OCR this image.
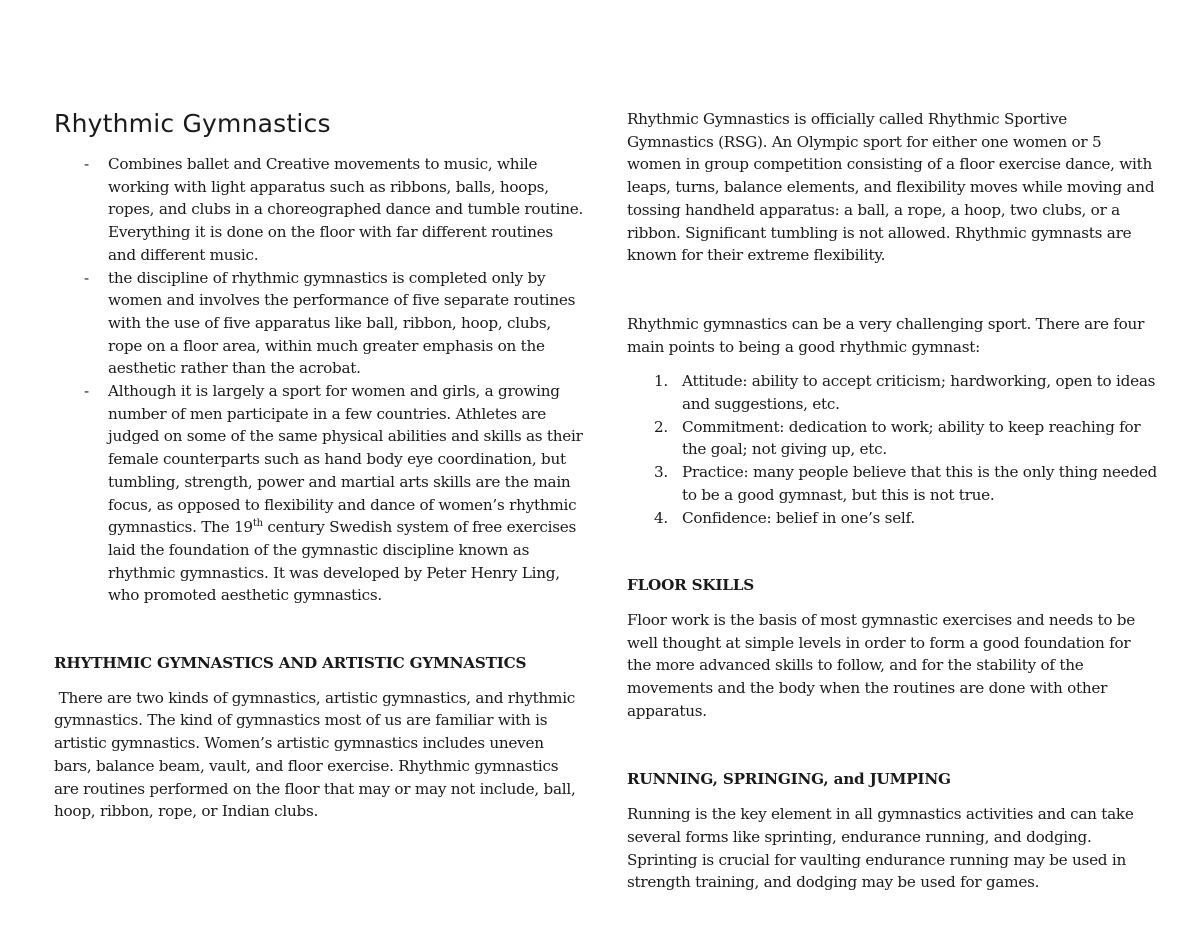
Rhythmic Gymnastics
- Combines ballet and Creative movements to music, while working with light apparatus such as ribbons, balls, hoops, ropes, and clubs in a choreographed dance and tumble routine. Everything it is done on the floor with far different routines and different music.
- the discipline of rhythmic gymnastics is completed only by women and involves the performance of five separate routines with the use of five apparatus like ball, ribbon, hoop, clubs, rope on a floor area, within much greater emphasis on the aesthetic rather than the acrobat.
- Although it is largely a sport for women and girls, a growing number of men participate in a few countries. Athletes are judged on some of the same physical abilities and skills as their female counterparts such as hand body eye coordination, but tumbling, strength, power and martial arts skills are the main focus, as opposed to flexibility and dance of women’s rhythmic gymnastics. The 19th century Swedish system of free exercises laid the foundation of the gymnastic discipline known as rhythmic gymnastics. It was developed by Peter Henry Ling, who promoted aesthetic gymnastics.
RHYTHMIC GYMNASTICS AND ARTISTIC GYMNASTICS

There are two kinds of gymnastics, artistic gymnastics, and rhythmic gymnastics. The kind of gymnastics most of us are familiar with is artistic gymnastics. Women’s artistic gymnastics includes uneven bars, balance beam, vault, and floor exercise. Rhythmic gymnastics are routines performed on the floor that may or may not include, ball, hoop, ribbon, rope, or Indian clubs.

Rhythmic Gymnastics is officially called Rhythmic Sportive Gymnastics (RSG). An Olympic sport for either one women or 5 women in group competition consisting of a floor exercise dance, with leaps, turns, balance elements, and flexibility moves while moving and tossing handheld apparatus: a ball, a rope, a hoop, two clubs, or a ribbon. Significant tumbling is not allowed. Rhythmic gymnasts are known for their extreme flexibility.

Rhythmic gymnastics can be a very challenging sport. There are four main points to being a good rhythmic gymnast:

1. Attitude: ability to accept criticism; hardworking, open to ideas and suggestions, etc.
2. Commitment: dedication to work; ability to keep reaching for the goal; not giving up, etc.
3. Practice: many people believe that this is the only thing needed to be a good gymnast, but this is not true.
4. Confidence: belief in one’s self.
FLOOR SKILLS

Floor work is the basis of most gymnastic exercises and needs to be well thought at simple levels in order to form a good foundation for the more advanced skills to follow, and for the stability of the movements and the body when the routines are done with other apparatus.

RUNNING, SPRINGING, and JUMPING

Running is the key element in all gymnastics activities and can take several forms like sprinting, endurance running, and dodging. Sprinting is crucial for vaulting endurance running may be used in strength training, and dodging may be used for games.
